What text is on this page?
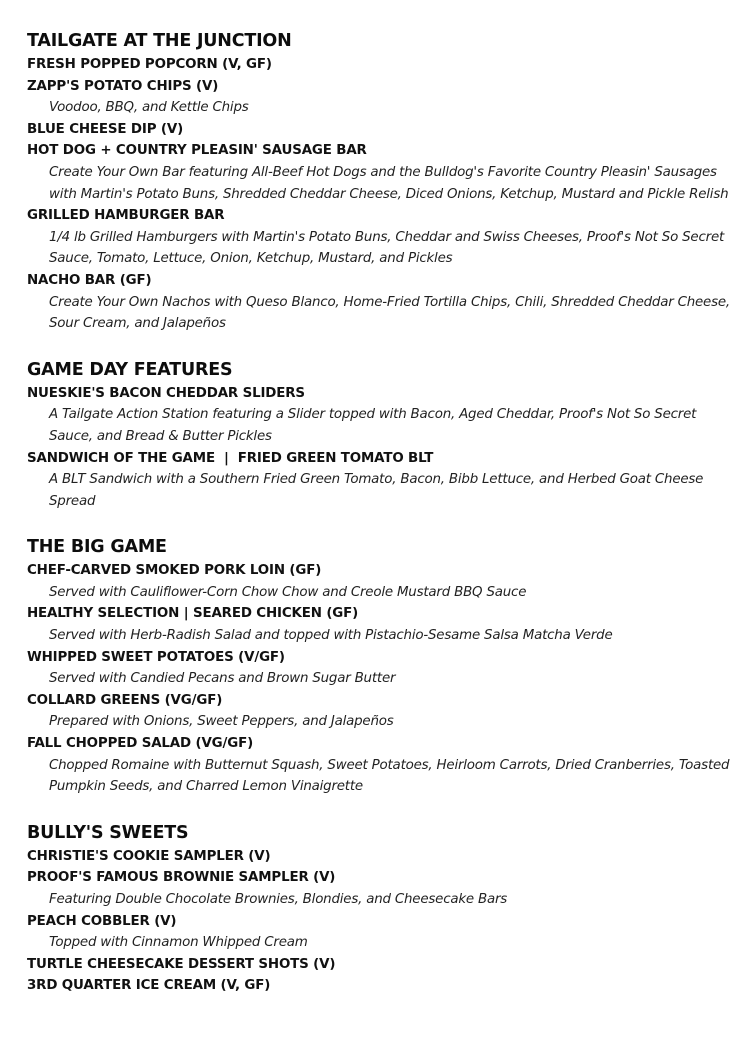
TAILGATE AT THE JUNCTION
FRESH POPPED POPCORN (V, GF)
ZAPP'S POTATO CHIPS (V)
Voodoo, BBQ, and Kettle Chips
BLUE CHEESE DIP (V)
HOT DOG + COUNTRY PLEASIN' SAUSAGE BAR
Create Your Own Bar featuring All-Beef Hot Dogs and the Bulldog's Favorite Country Pleasin' Sausages with Martin's Potato Buns, Shredded Cheddar Cheese, Diced Onions, Ketchup, Mustard and Pickle Relish
GRILLED HAMBURGER BAR
1/4 lb Grilled Hamburgers with Martin's Potato Buns, Cheddar and Swiss Cheeses, Proof's Not So Secret Sauce, Tomato, Lettuce, Onion, Ketchup, Mustard, and Pickles
NACHO BAR (GF)
Create Your Own Nachos with Queso Blanco, Home-Fried Tortilla Chips, Chili, Shredded Cheddar Cheese, Sour Cream, and Jalapeños
GAME DAY FEATURES
NUESKIE'S BACON CHEDDAR SLIDERS
A Tailgate Action Station featuring a Slider topped with Bacon, Aged Cheddar, Proof's Not So Secret Sauce, and Bread & Butter Pickles
SANDWICH OF THE GAME  |  FRIED GREEN TOMATO BLT
A BLT Sandwich with a Southern Fried Green Tomato, Bacon, Bibb Lettuce, and Herbed Goat Cheese Spread
THE BIG GAME
CHEF-CARVED SMOKED PORK LOIN (GF)
Served with Cauliflower-Corn Chow Chow and Creole Mustard BBQ Sauce
HEALTHY SELECTION | SEARED CHICKEN (GF)
Served with Herb-Radish Salad and topped with Pistachio-Sesame Salsa Matcha Verde
WHIPPED SWEET POTATOES (V/GF)
Served with Candied Pecans and Brown Sugar Butter
COLLARD GREENS (VG/GF)
Prepared with Onions, Sweet Peppers, and Jalapeños
FALL CHOPPED SALAD (VG/GF)
Chopped Romaine with Butternut Squash, Sweet Potatoes, Heirloom Carrots, Dried Cranberries, Toasted Pumpkin Seeds, and Charred Lemon Vinaigrette
BULLY'S SWEETS
CHRISTIE'S COOKIE SAMPLER (V)
PROOF'S FAMOUS BROWNIE SAMPLER (V)
Featuring Double Chocolate Brownies, Blondies, and Cheesecake Bars
PEACH COBBLER (V)
Topped with Cinnamon Whipped Cream
TURTLE CHEESECAKE DESSERT SHOTS (V)
3RD QUARTER ICE CREAM (V, GF)
